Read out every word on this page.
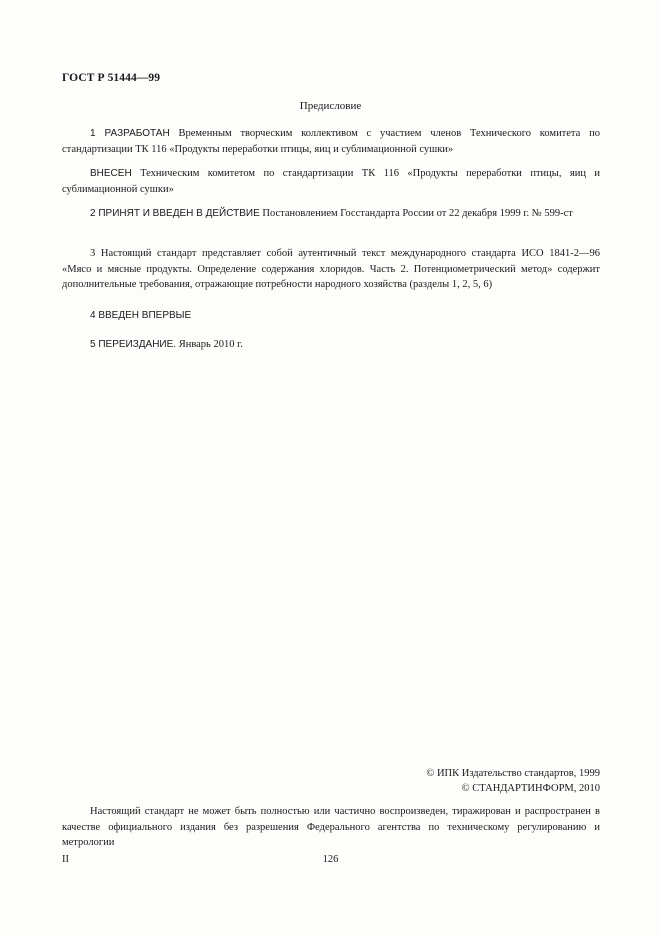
ГОСТ Р 51444—99
Предисловие

1 РАЗРАБОТАН Временным творческим коллективом с участием членов Технического комитета по стандартизации ТК 116 «Продукты переработки птицы, яиц и сублимационной сушки»

ВНЕСЕН Техническим комитетом по стандартизации ТК 116 «Продукты переработки птицы, яиц и сублимационной сушки»

2 ПРИНЯТ И ВВЕДЕН В ДЕЙСТВИЕ Постановлением Госстандарта России от 22 декабря 1999 г. № 599-ст

3 Настоящий стандарт представляет собой аутентичный текст международного стандарта ИСО 1841-2—96 «Мясо и мясные продукты. Определение содержания хлоридов. Часть 2. Потенциометрический метод» содержит дополнительные требования, отражающие потребности народного хозяйства (разделы 1, 2, 5, 6)

4 ВВЕДЕН ВПЕРВЫЕ

5 ПЕРЕИЗДАНИЕ. Январь 2010 г.

© ИПК Издательство стандартов, 1999
© СТАНДАРТИНФОРМ, 2010

Настоящий стандарт не может быть полностью или частично воспроизведен, тиражирован и распространен в качестве официального издания без разрешения Федерального агентства по техническому регулированию и метрологии

II	126
